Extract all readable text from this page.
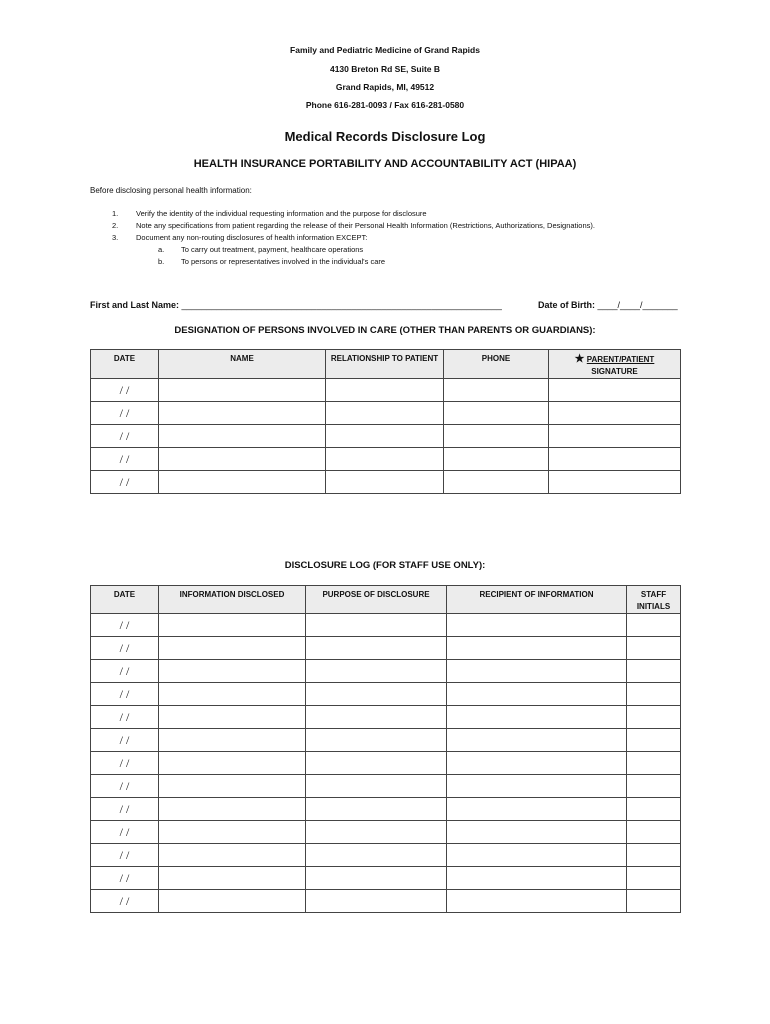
Family and Pediatric Medicine of Grand Rapids
4130 Breton Rd SE, Suite B
Grand Rapids, MI, 49512
Phone 616-281-0093 / Fax 616-281-0580
Medical Records Disclosure Log
HEALTH INSURANCE PORTABILITY AND ACCOUNTABILITY ACT (HIPAA)
Before disclosing personal health information:
1. Verify the identity of the individual requesting information and the purpose for disclosure
2. Note any specifications from patient regarding the release of their Personal Health Information (Restrictions, Authorizations, Designations).
3. Document any non-routing disclosures of health information EXCEPT:
a. To carry out treatment, payment, healthcare operations
b. To persons or representatives involved in the individual's care
First and Last Name: ________________________________________________________________	Date of Birth: ____/____/_______
DESIGNATION OF PERSONS INVOLVED IN CARE (OTHER THAN PARENTS OR GUARDIANS):
DATE	NAME	RELATIONSHIP TO PATIENT	PHONE	★ PARENT/PATIENT
SIGNATURE
/ /				
/ /				
/ /				
/ /				
/ /				
DISCLOSURE LOG (FOR STAFF USE ONLY):
DATE	INFORMATION DISCLOSED	PURPOSE OF DISCLOSURE	RECIPIENT OF INFORMATION	STAFF INITIALS
/ /				
/ /				
/ /				
/ /				
/ /				
/ /				
/ /				
/ /				
/ /				
/ /				
/ /				
/ /				
/ /				
